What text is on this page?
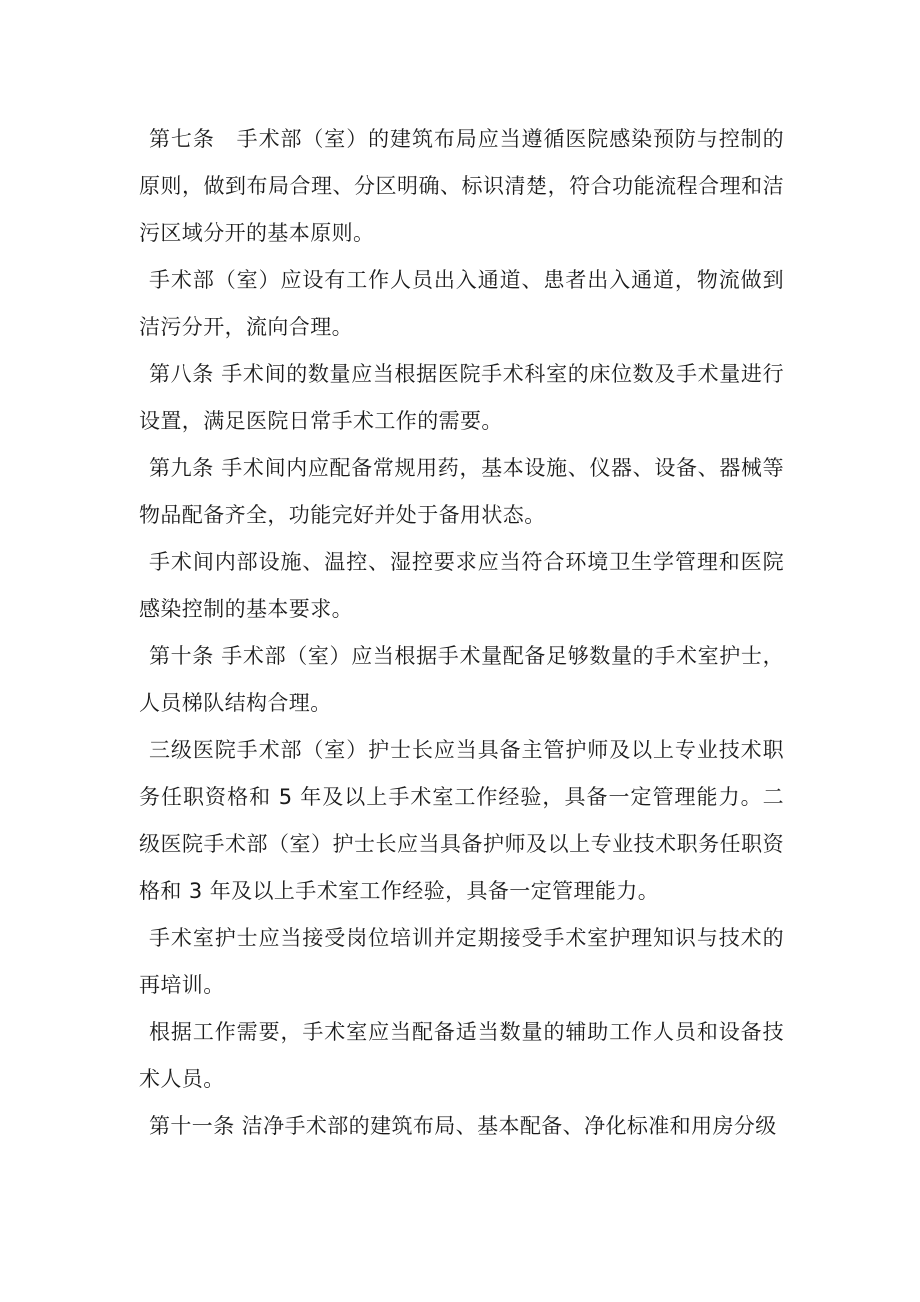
第七条　手术部（室）的建筑布局应当遵循医院感染预防与控制的原则，做到布局合理、分区明确、标识清楚，符合功能流程合理和洁污区域分开的基本原则。

手术部（室）应设有工作人员出入通道、患者出入通道，物流做到洁污分开，流向合理。

第八条 手术间的数量应当根据医院手术科室的床位数及手术量进行设置，满足医院日常手术工作的需要。

第九条 手术间内应配备常规用药，基本设施、仪器、设备、器械等物品配备齐全，功能完好并处于备用状态。

手术间内部设施、温控、湿控要求应当符合环境卫生学管理和医院感染控制的基本要求。

第十条 手术部（室）应当根据手术量配备足够数量的手术室护士，人员梯队结构合理。

三级医院手术部（室）护士长应当具备主管护师及以上专业技术职务任职资格和 5 年及以上手术室工作经验，具备一定管理能力。二级医院手术部（室）护士长应当具备护师及以上专业技术职务任职资格和 3 年及以上手术室工作经验，具备一定管理能力。

手术室护士应当接受岗位培训并定期接受手术室护理知识与技术的再培训。

根据工作需要，手术室应当配备适当数量的辅助工作人员和设备技术人员。

第十一条 洁净手术部的建筑布局、基本配备、净化标准和用房分级
